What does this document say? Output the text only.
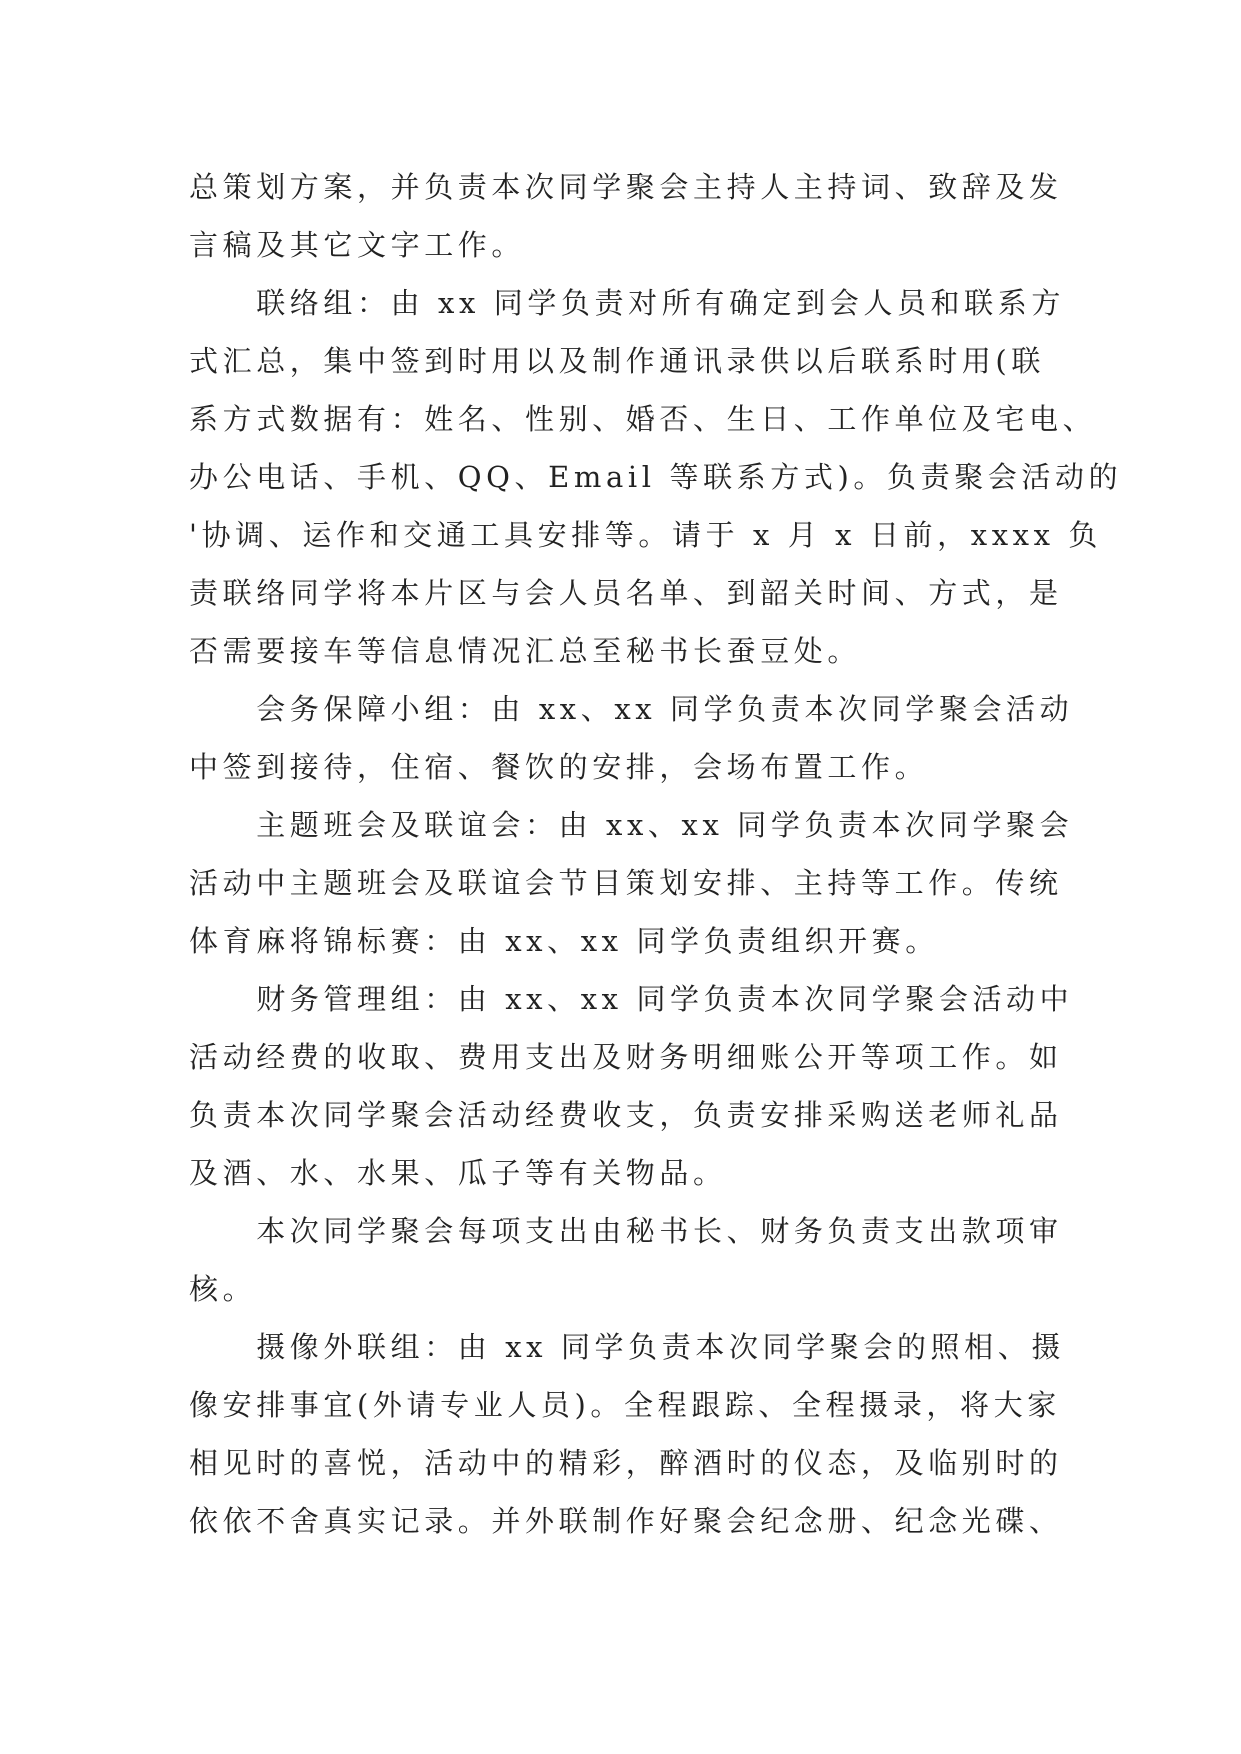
总策划方案，并负责本次同学聚会主持人主持词、致辞及发
言稿及其它文字工作。
　　联络组：由 xx 同学负责对所有确定到会人员和联系方
式汇总，集中签到时用以及制作通讯录供以后联系时用(联
系方式数据有：姓名、性别、婚否、生日、工作单位及宅电、
办公电话、手机、QQ、Email 等联系方式)。负责聚会活动的
'协调、运作和交通工具安排等。请于 x 月 x 日前，xxxx 负
责联络同学将本片区与会人员名单、到韶关时间、方式，是
否需要接车等信息情况汇总至秘书长蚕豆处。
　　会务保障小组：由 xx、xx 同学负责本次同学聚会活动
中签到接待，住宿、餐饮的安排，会场布置工作。
　　主题班会及联谊会：由 xx、xx 同学负责本次同学聚会
活动中主题班会及联谊会节目策划安排、主持等工作。传统
体育麻将锦标赛：由 xx、xx 同学负责组织开赛。
　　财务管理组：由 xx、xx 同学负责本次同学聚会活动中
活动经费的收取、费用支出及财务明细账公开等项工作。如
负责本次同学聚会活动经费收支，负责安排采购送老师礼品
及酒、水、水果、瓜子等有关物品。
　　本次同学聚会每项支出由秘书长、财务负责支出款项审
核。
　　摄像外联组：由 xx 同学负责本次同学聚会的照相、摄
像安排事宜(外请专业人员)。全程跟踪、全程摄录，将大家
相见时的喜悦，活动中的精彩，醉酒时的仪态，及临别时的
依依不舍真实记录。并外联制作好聚会纪念册、纪念光碟、
